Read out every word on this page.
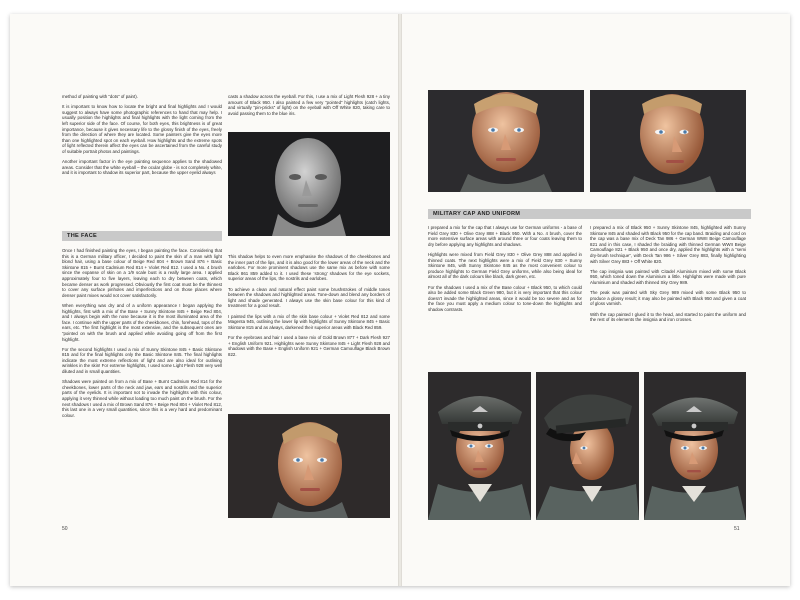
method of painting with “dots” of paint).

It is important to know how to locate the bright and final highlights and I would suggest to always have some photographic references to hand that may help. I usually position the highlights and final highlights with the light coming from the left superior side of the face. Of course, for both eyes, this brightness is of great importance, because it gives necessary life to the glossy finish of the eyes, freely from the direction of where they are located. Some painters give the eyes more than one highlighted spot on each eyeball. How highlights and the extreme spots of light reflected therein affect the eyes can be ascertained from the careful study of suitable portrait photos and paintings.

Another important factor in the eye painting sequence applies to the shadowed areas. Consider that the white eyeball – the ocular globe - is not completely white, and it is important to shadow its superior part, because the upper eyelid always

THE FACE

Once I had finished painting the eyes, I began painting the face. Considering that this is a German military officer, I decided to paint the skin of a man with light blond hair, using a base colour of Beige Red 804 + Brown Sand 876 + Basic Skintone 815 + Burnt Cadmium Red 814 + Violet Red 812. I used a No. 4 brush since the expanse of skin on a 1/9 scale bust is a really large area. I applied approximately four to five layers, leaving each to dry between coats, which became denser as work progressed. Obviously the first coat must be the thinnest to cover any surface pinholes and imperfections and on those places where denser paint mixes would not cover satisfactorily.

When everything was dry and of a uniform appearance I began applying the highlights, first with a mix of the Base + Sunny Skintone 845 + Beige Red 804, and I always begin with the nose because it is the most illuminated area of the face. I continue with the upper parts of the cheekbones, chin, forehead, tops of the ears, etc. The first highlight is the most extensive, and the subsequent ones are “pointed on with the brush and applied while avoiding going off from the first highlight.

For the second highlights I used a mix of Sunny Skintone 845 + Basic Skintone 815 and for the final highlights only the Basic Skintone 845. The final highlights indicate the most extreme reflections of light and are also ideal for outlining wrinkles in the skin! For extreme highlights, I used some Light Flesh 928 very well diluted and in small quantities.

Shadows were painted on from a mix of Base + Burnt Cadmium Red 814 for the cheekbones, lower parts of the neck and jaw, ears and nostrils and the superior parts of the eyelids. It is important not to invade the highlights with this colour, applying it very thinned while without loading too much paint on the brush. For the next shadows I used a mix of Brown Sand 876 + Beige Red 804 + Violet Red 812, this last one in a very small quantities, since this is a very hard and predominant colour.

casts a shadow across the eyeball. For this, I use a mix of Light Flesh 928 + a tiny amount of Black 950. I also painted a few very “pointed” highlights (catch lights, and virtually “pin-pricks” of light) on the eyeball with Off White 820, taking care to avoid passing them to the blue iris.

This shadow helps to even more emphasise the shadows of the cheekbones and the inner part of the lips, and it is also good for the lower areas of the neck and the earlobes. For more prominent shadows use the same mix as before with some Black 861 859 added to it. I used these ‘strong’ shadows for the eye sockets, superior areas of the lips, the nostrils and earlobes.

To achieve a clean and natural effect paint some brushstrokes of middle tones between the shadows and highlighted areas. Tone-down and blend any borders of light and shade generated. I always use the skin base colour for this kind of treatment for a good result.

I painted the lips with a mix of the skin base colour + Violet Red 812 and some Magenta 945, outlining the lower lip with highlights of Sunny Skintone 845 + Basic Skintone 815 and as always, darkened their superior areas with Black Red 859.

For the eyebrows and hair I used a base mix of Gold Brown 877 + Dark Flesh 927 + English Uniform 921. Highlights were Sunny Skintone 845 + Light Flesh 928 and shadows with the Base + English Uniform 921 + German Camouflage Black Brown 822.

50
MILITARY CAP AND UNIFORM

I prepared a mix for the cap that I always use for German uniforms - a base of Field Grey 830 + Olive Grey 888 + Black 950. With a No. 4 brush, cover the more extensive surface areas with around three or four coats leaving them to dry before applying any highlights and shadows.

Highlights were mixed from Field Grey 830 + Olive Grey 888 and applied in thinned coats. The next highlights were a mix of Field Grey 830 + Sunny Skintone 845, with Sunny Skintone 845 as the most convenient colour to produce highlights to German Field Grey uniforms, while also being ideal for almost all of the dark colours like black, dark green, etc.

For the shadows I used a mix of the Base colour + Black 950, to which could also be added some Black Green 980, but it is very important that this colour doesn't invade the highlighted areas, since it would be too severe and as for the face you must apply a medium colour to tone-down the highlights and shadow contrasts.

I prepared a mix of Black 950 + Sunny Skintone 845, highlighted with Sunny Skintone 845 and shaded with Black 950 for the cap band. Braiding and cord on the cap was a base mix of Deck Tan 986 + German WWII Beige Camouflage 821 and in this case, I shaded the braiding with thinned German WWII Beige Camouflage 821 + Black 950 and once dry, applied the highlights with a “semi dry-brush technique”, with Deck Tan 986 + Silver Grey 883, finally highlighting with Silver Grey 883 + Off White 820.

The cap insignia was painted with Citadel Aluminium mixed with some Black 950, which toned down the Aluminium a little. Highlights were made with pure Aluminium and shaded with thinned Sky Grey 989.

The peak was painted with Sky Grey 989 mixed with some Black 950 to produce a glossy result; it may also be painted with Black 950 and given a coat of gloss varnish.

With the cap painted I glued it to the head, and started to paint the uniform and the rest of its elements the insignia and iron crosses.

51
